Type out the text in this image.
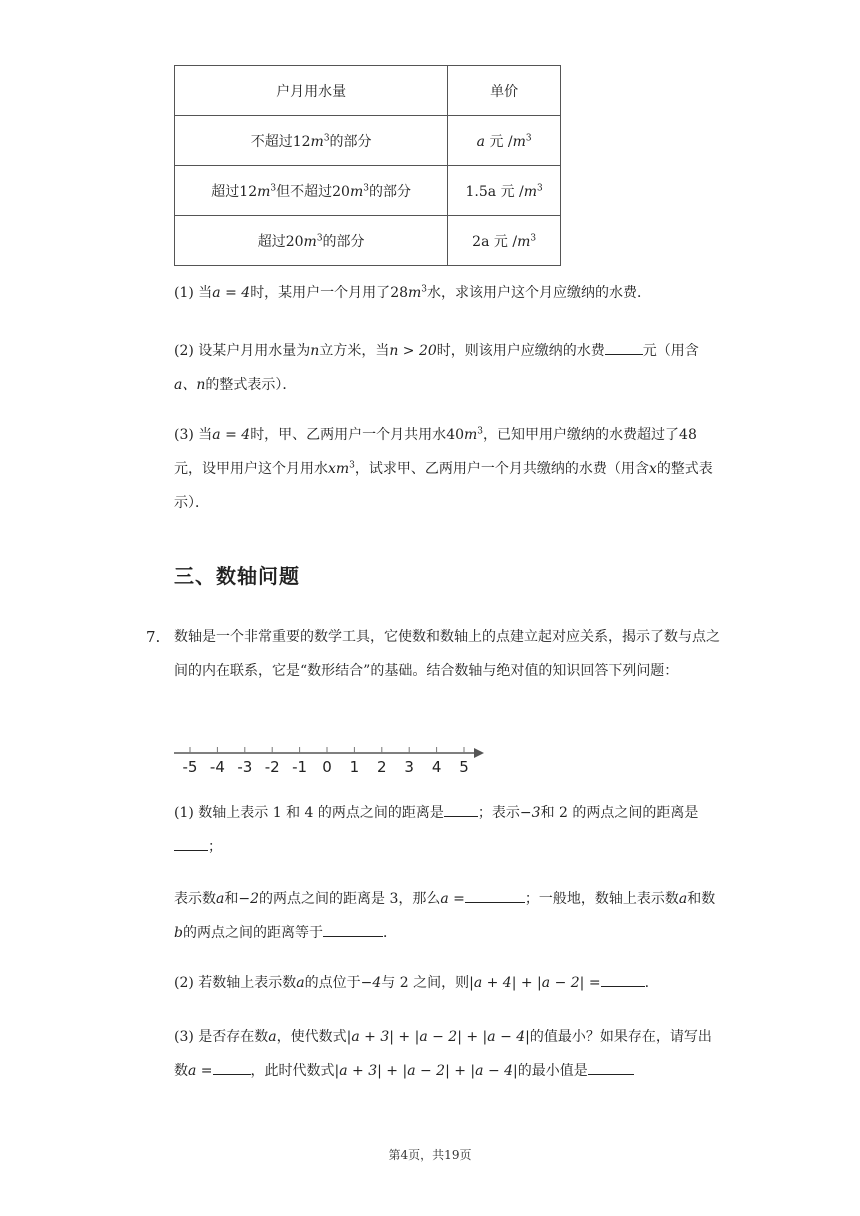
户月用水量	单价
不超过$12m^3$的部分	a 元 $/m^3$
超过$12m^3$但不超过$20m^3$的部分	1.5a 元 $/m^3$
超过$20m^3$的部分	2a 元 $/m^3$

(1) 当a = 4时，某用户一个月用了$28m^3$水，求该用户这个月应缴纳的水费．

(2) 设某户月用水量为n立方米，当n > 20时，则该用户应缴纳的水费	元（用含a、n的整式表示）．

(3) 当a = 4时，甲、乙两用户一个月共用水$40m^3$，已知甲用户缴纳的水费超过了48元，设甲用户这个月用水$xm^3$，试求甲、乙两用户一个月共缴纳的水费（用含x的整式表示）．

三、数轴问题
7. 数轴是一个非常重要的数学工具，它使数和数轴上的点建立起对应关系，揭示了数与点之间的内在联系，它是“数形结合”的基础。结合数轴与绝对值的知识回答下列问题：

-5 -4 -3 -2 -1 0 1 2 3 4 5

(1) 数轴上表示 1 和 4 的两点之间的距离是 ；表示−3和 2 的两点之间的距离是；

表示数a和−2的两点之间的距离是 3，那么a =	；一般地，数轴上表示数a和数b的两点之间的距离等于	．

(2) 若数轴上表示数a的点位于−4与 2 之间，则|a + 4| + |a − 2| =	.

(3) 是否存在数a，使代数式|a + 3| + |a − 2| + |a − 4|的值最小？如果存在，请写出数a =	，此时代数式|a + 3| + |a − 2| + |a − 4|的最小值是

第4页，共19页
